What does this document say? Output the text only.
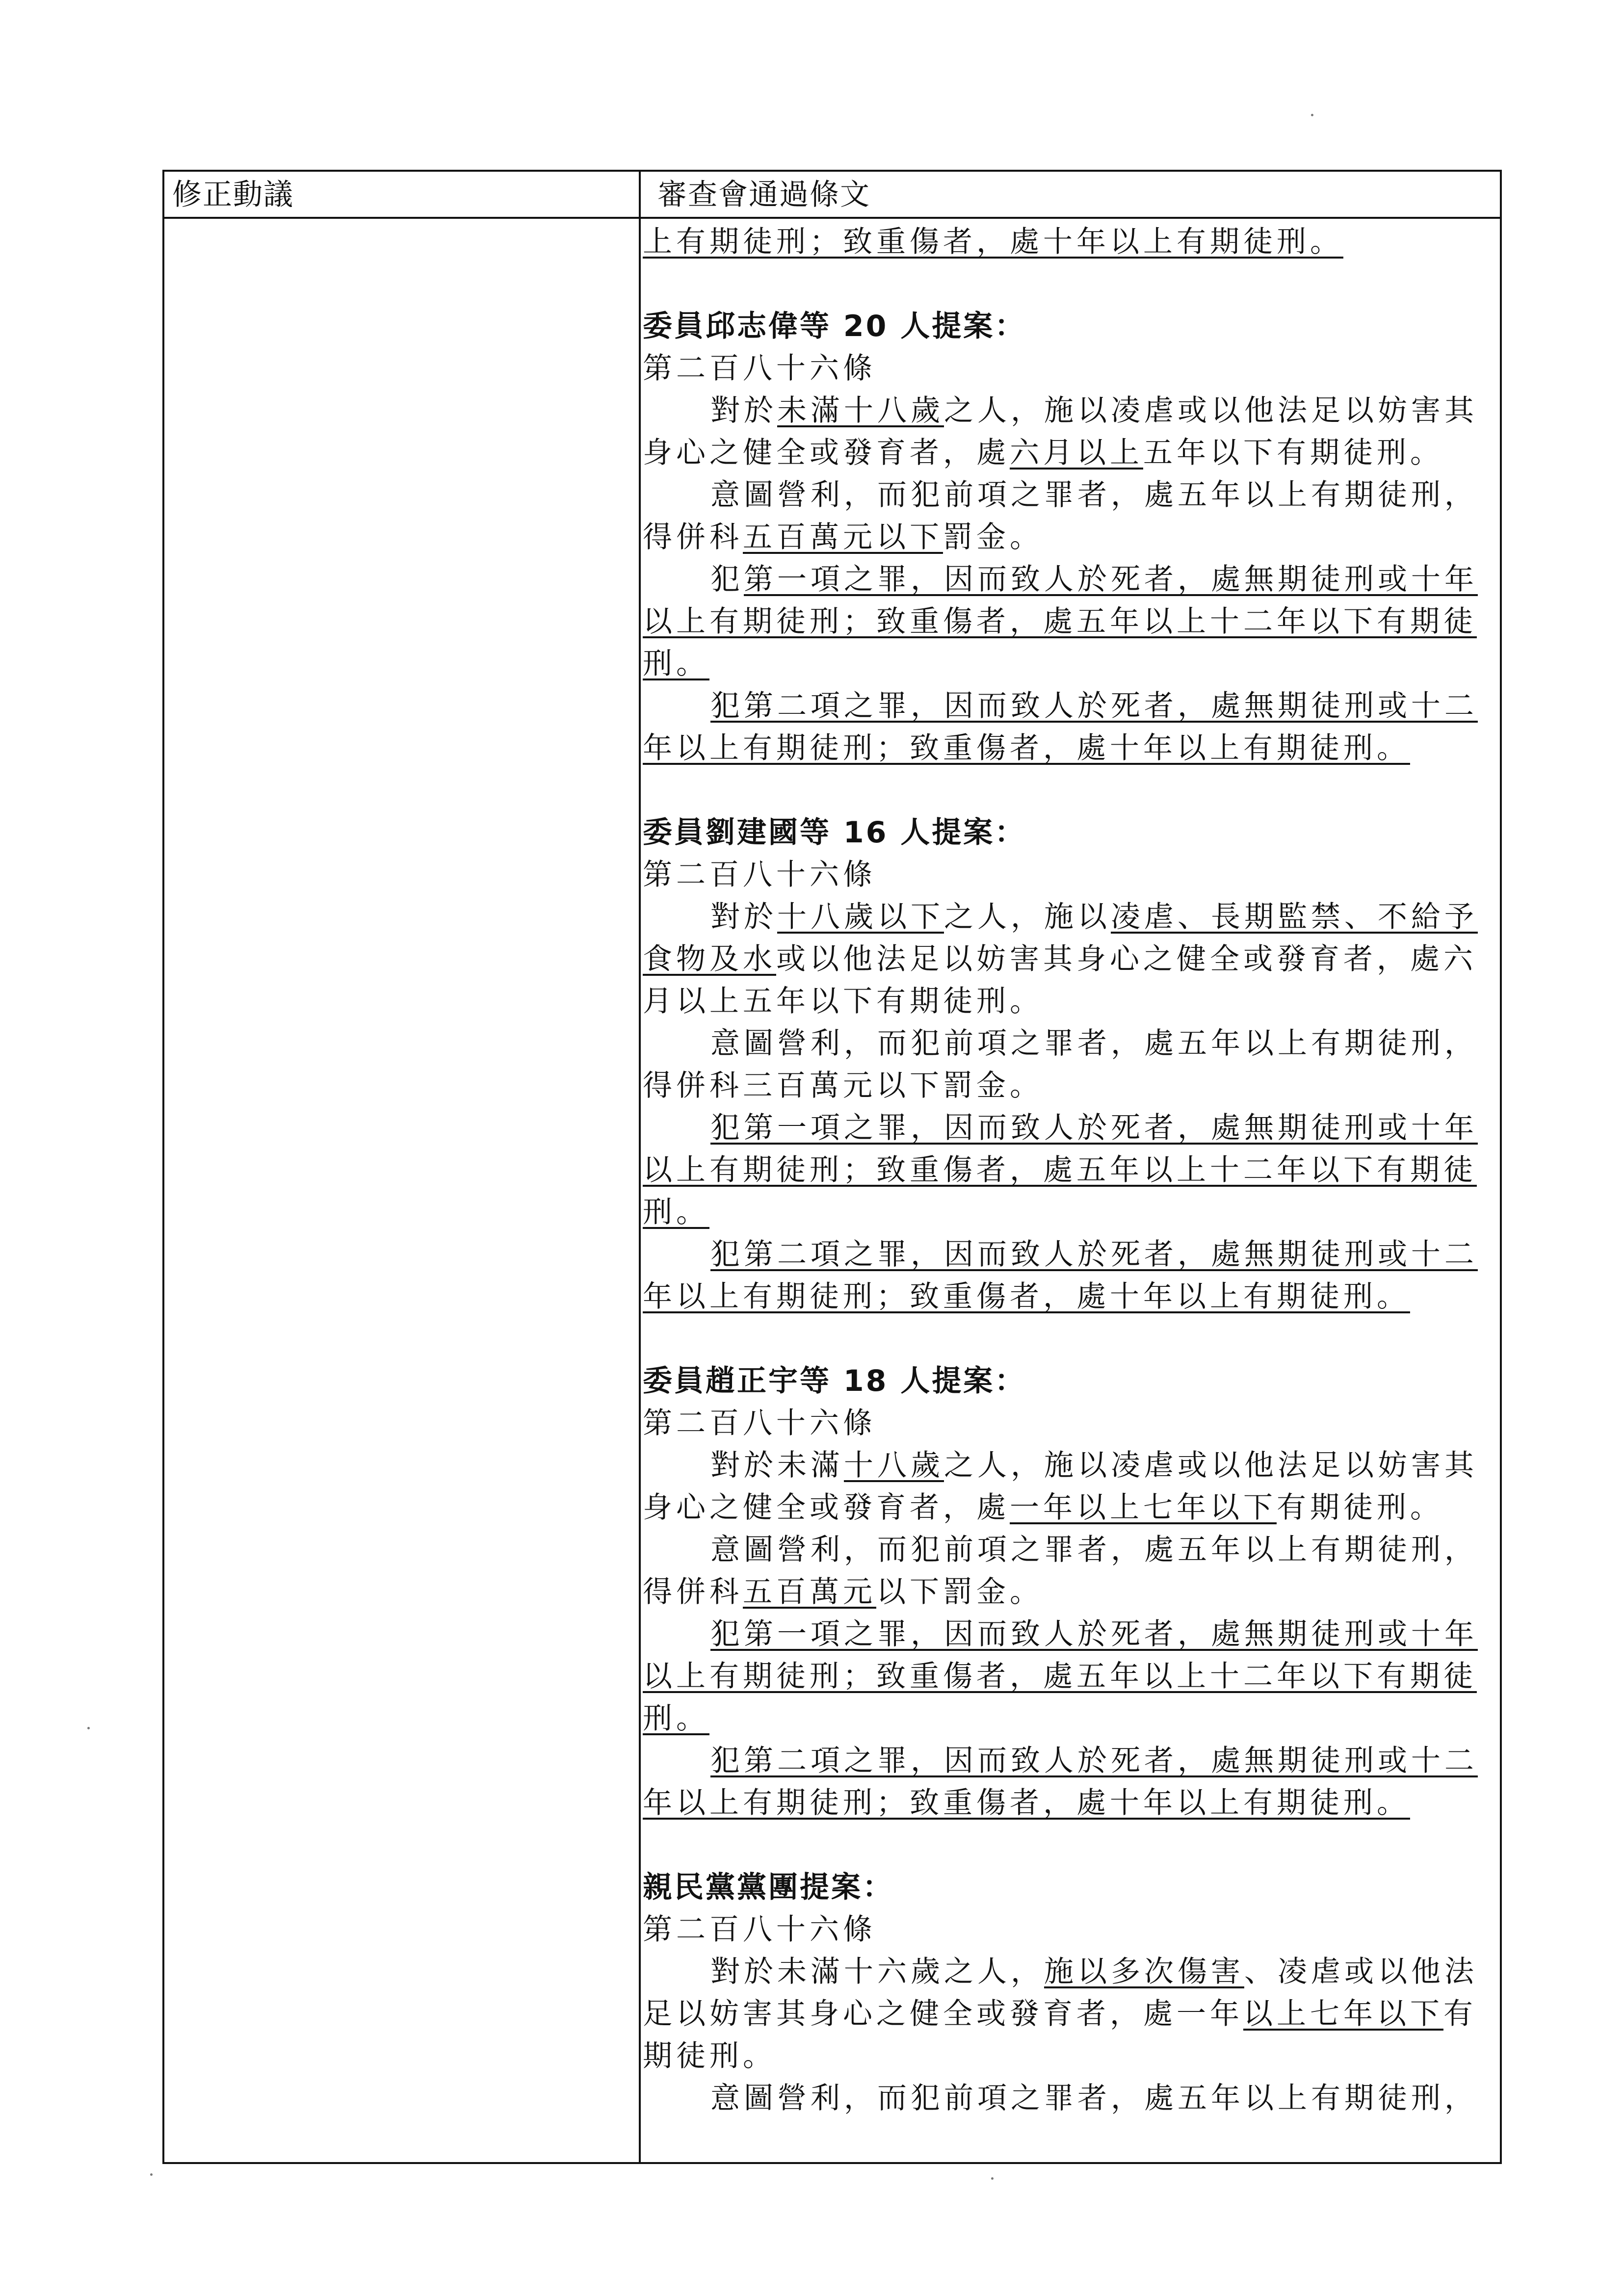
修正動議	審查會通過條文
上有期徒刑；致重傷者，處十年以上有期徒刑。
委員邱志偉等 20 人提案：
第二百八十六條
對於未滿十八歲之人，施以凌虐或以他法足以妨害其
身心之健全或發育者，處六月以上五年以下有期徒刑。
意圖營利，而犯前項之罪者，處五年以上有期徒刑，
得併科五百萬元以下罰金。
犯第一項之罪，因而致人於死者，處無期徒刑或十年
以上有期徒刑；致重傷者，處五年以上十二年以下有期徒
刑。
犯第二項之罪，因而致人於死者，處無期徒刑或十二
年以上有期徒刑；致重傷者，處十年以上有期徒刑。
委員劉建國等 16 人提案：
第二百八十六條
對於十八歲以下之人，施以凌虐、長期監禁、不給予
食物及水或以他法足以妨害其身心之健全或發育者，處六
月以上五年以下有期徒刑。
意圖營利，而犯前項之罪者，處五年以上有期徒刑，
得併科三百萬元以下罰金。
犯第一項之罪，因而致人於死者，處無期徒刑或十年
以上有期徒刑；致重傷者，處五年以上十二年以下有期徒
刑。
犯第二項之罪，因而致人於死者，處無期徒刑或十二
年以上有期徒刑；致重傷者，處十年以上有期徒刑。
委員趙正宇等 18 人提案：
第二百八十六條
對於未滿十八歲之人，施以凌虐或以他法足以妨害其
身心之健全或發育者，處一年以上七年以下有期徒刑。
意圖營利，而犯前項之罪者，處五年以上有期徒刑，
得併科五百萬元以下罰金。
犯第一項之罪，因而致人於死者，處無期徒刑或十年
以上有期徒刑；致重傷者，處五年以上十二年以下有期徒
刑。
犯第二項之罪，因而致人於死者，處無期徒刑或十二
年以上有期徒刑；致重傷者，處十年以上有期徒刑。
親民黨黨團提案：
第二百八十六條
對於未滿十六歲之人，施以多次傷害、凌虐或以他法
足以妨害其身心之健全或發育者，處一年以上七年以下有
期徒刑。
意圖營利，而犯前項之罪者，處五年以上有期徒刑，
